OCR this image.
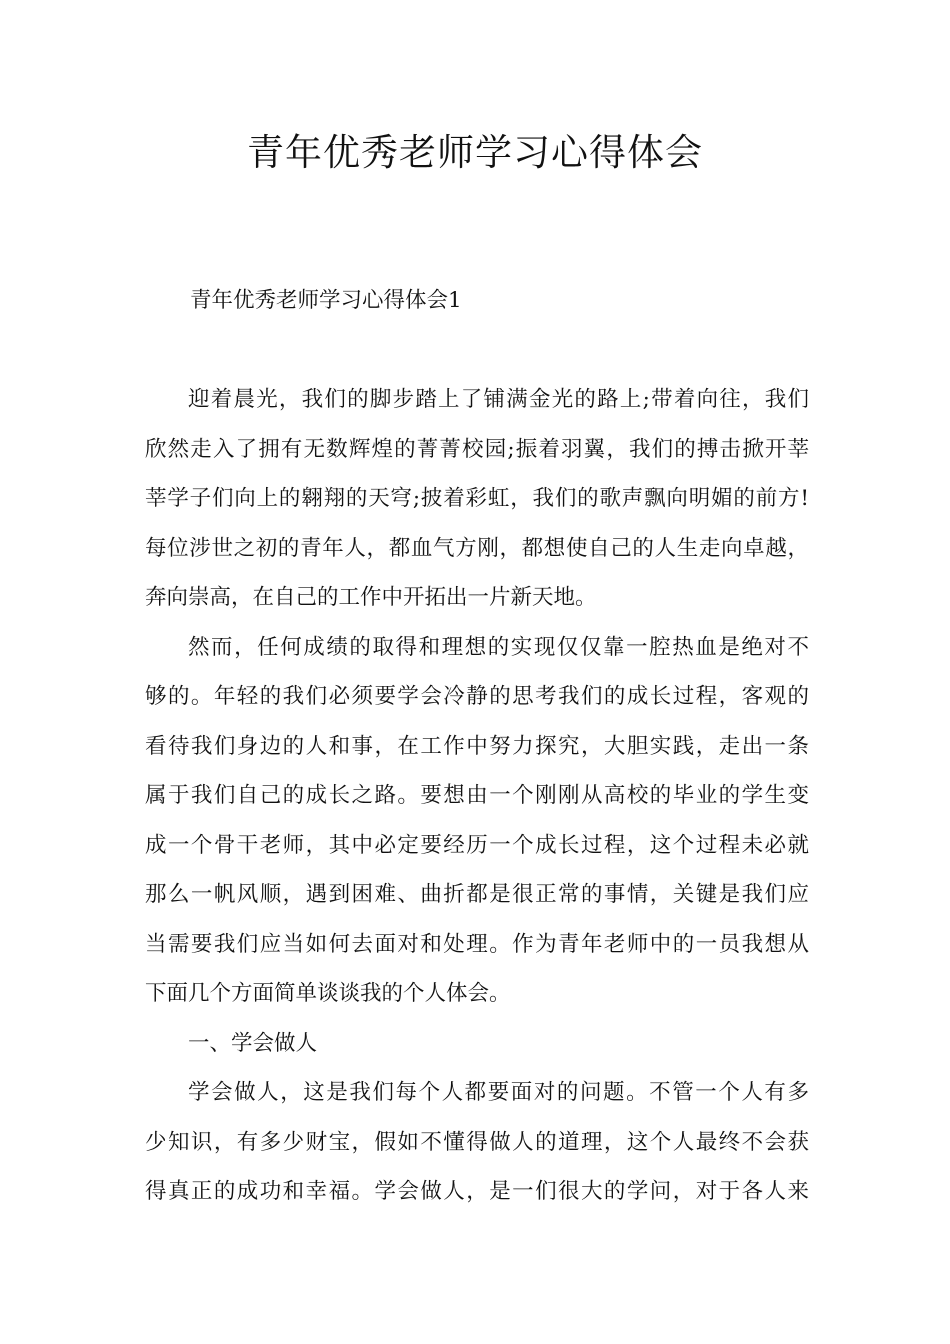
青年优秀老师学习心得体会

青年优秀老师学习心得体会1

迎着晨光，我们的脚步踏上了铺满金光的路上;带着向往，我们
欣然走入了拥有无数辉煌的菁菁校园;振着羽翼，我们的搏击掀开莘
莘学子们向上的翱翔的天穹;披着彩虹，我们的歌声飘向明媚的前方!
每位涉世之初的青年人，都血气方刚，都想使自己的人生走向卓越，
奔向崇高，在自己的工作中开拓出一片新天地。
然而，任何成绩的取得和理想的实现仅仅靠一腔热血是绝对不
够的。年轻的我们必须要学会冷静的思考我们的成长过程，客观的
看待我们身边的人和事，在工作中努力探究，大胆实践，走出一条
属于我们自己的成长之路。要想由一个刚刚从高校的毕业的学生变
成一个骨干老师，其中必定要经历一个成长过程，这个过程未必就
那么一帆风顺，遇到困难、曲折都是很正常的事情，关键是我们应
当需要我们应当如何去面对和处理。作为青年老师中的一员我想从
下面几个方面简单谈谈我的个人体会。
一、学会做人
学会做人，这是我们每个人都要面对的问题。不管一个人有多
少知识，有多少财宝，假如不懂得做人的道理，这个人最终不会获
得真正的成功和幸福。学会做人，是一们很大的学问，对于各人来
